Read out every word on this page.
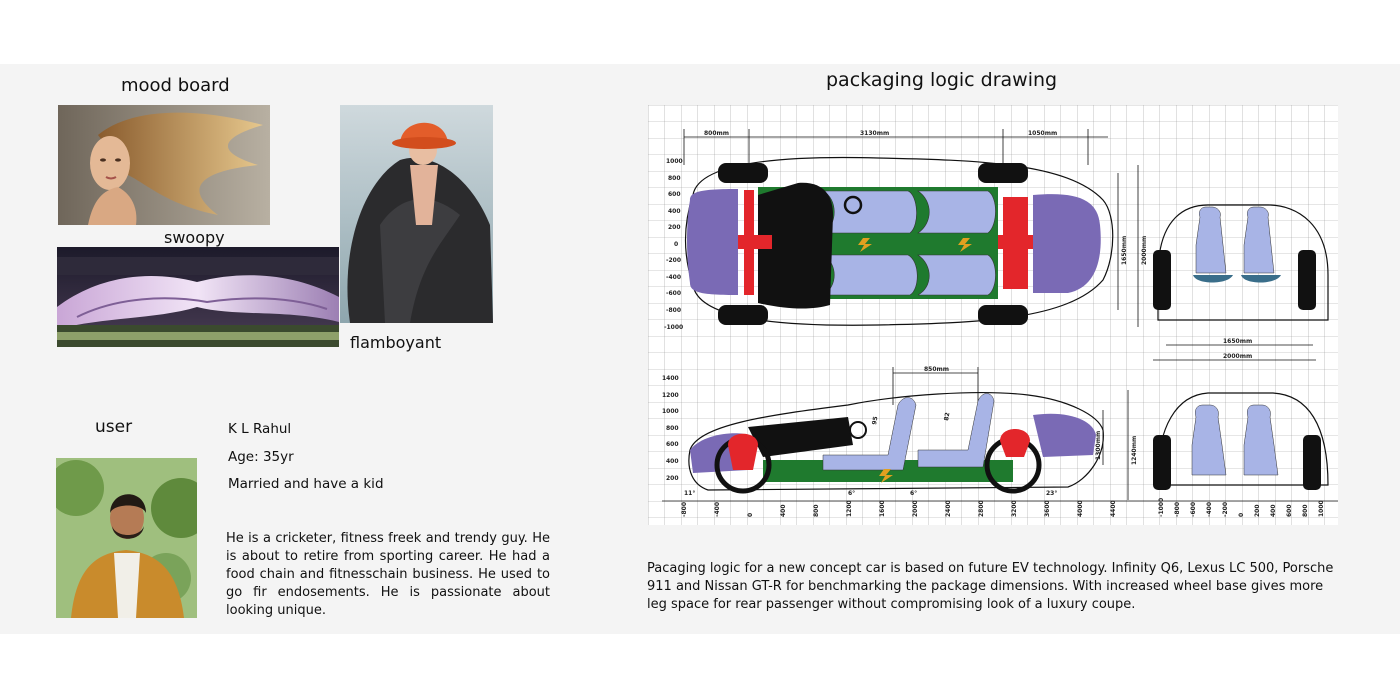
mood board
swoopy
flamboyant
user	K L Rahul
Age: 35yr
Married and have a kid
He is a cricketer, fitness freek and trendy guy. He is about to retire from sporting career. He had a food chain and fitnesschain business. He used to go fir endosements. He is passionate about looking unique.
packaging logic drawing
800mm	3130mm	1050mm
1650mm 2000mm
1000
800
600
400
200
0
-200
-400
-600
-800
-1000
1650mm
2000mm
850mm
1240mm
1300mm
11°	23°
6°	6°
95	82
1400
1200
1000
800
600
400
200
-800	-400	0	400	800	1200	1600	2000	2400	2800	3200	3600	4000	4400	-1000 -800 -600 -400 -200 0 200 400 600 800 1000
Pacaging logic for a new concept car is based on future EV technology. Infinity Q6, Lexus LC 500, Porsche 911 and Nissan GT-R for benchmarking the package dimensions. With increased wheel base gives more leg space for rear passenger without compromising look of a luxury coupe.
